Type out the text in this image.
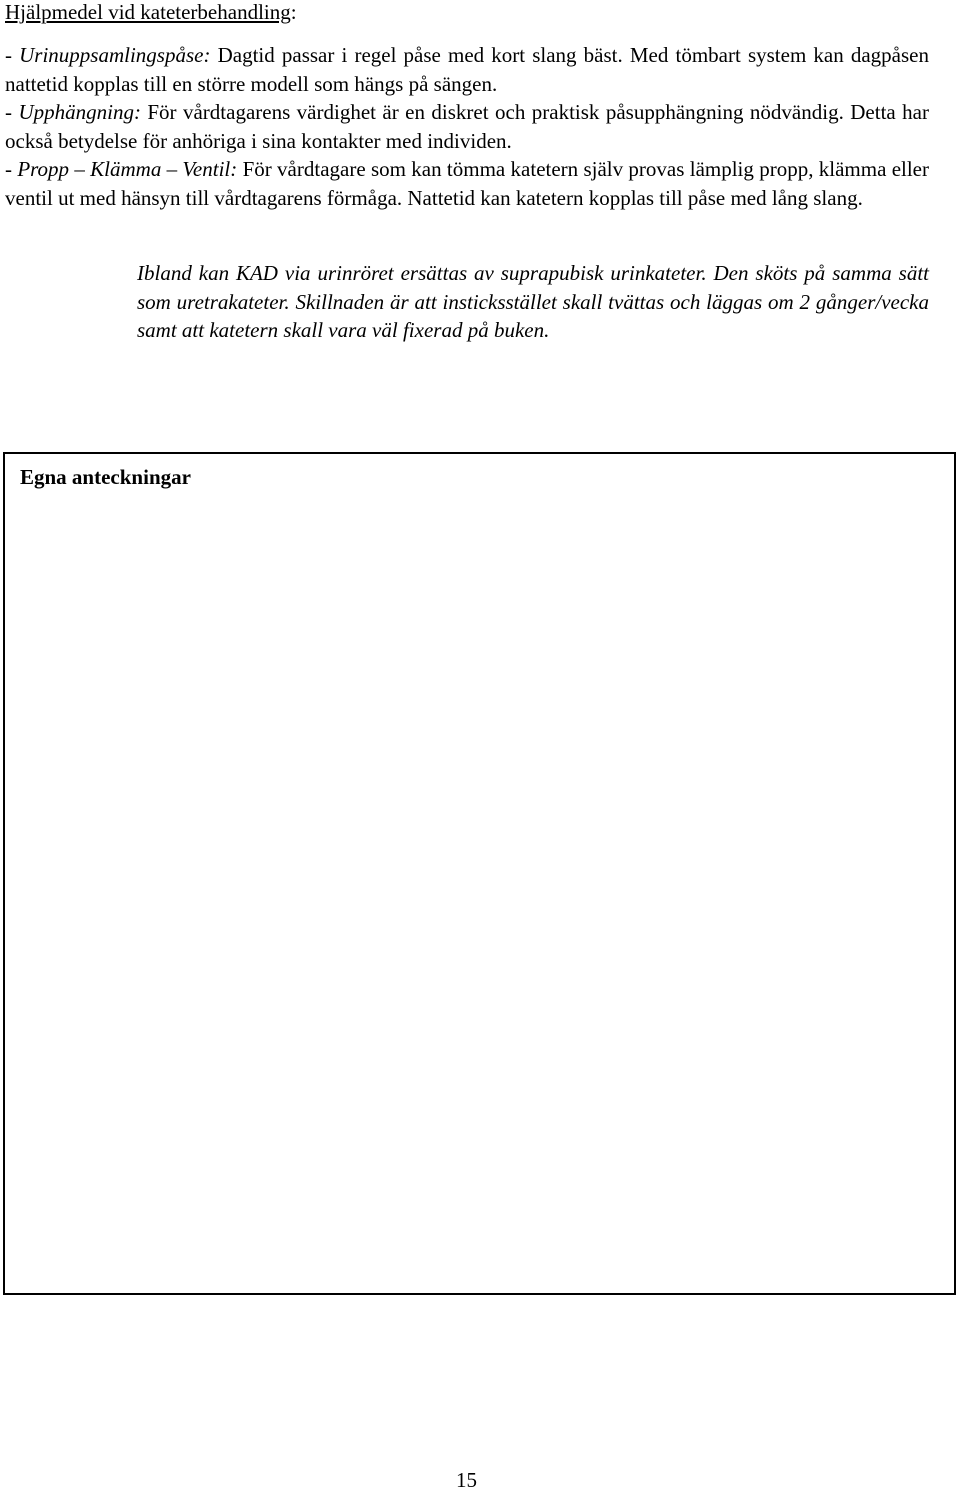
Hjälpmedel vid kateterbehandling:

- Urinuppsamlingspåse: Dagtid passar i regel påse med kort slang bäst. Med tömbart system kan dagpåsen nattetid kopplas till en större modell som hängs på sängen.

- Upphängning: För vårdtagarens värdighet är en diskret och praktisk påsupphängning nödvändig. Detta har också betydelse för anhöriga i sina kontakter med individen.

- Propp – Klämma – Ventil: För vårdtagare som kan tömma katetern själv provas lämplig propp, klämma eller ventil ut med hänsyn till vårdtagarens förmåga. Nattetid kan katetern kopplas till påse med lång slang.

Ibland kan KAD via urinröret ersättas av suprapubisk urinkateter. Den sköts på samma sätt som uretrakateter. Skillnaden är att insticksstället skall tvättas och läggas om 2 gånger/vecka samt att katetern skall vara väl fixerad på buken.

Egna anteckningar
15
